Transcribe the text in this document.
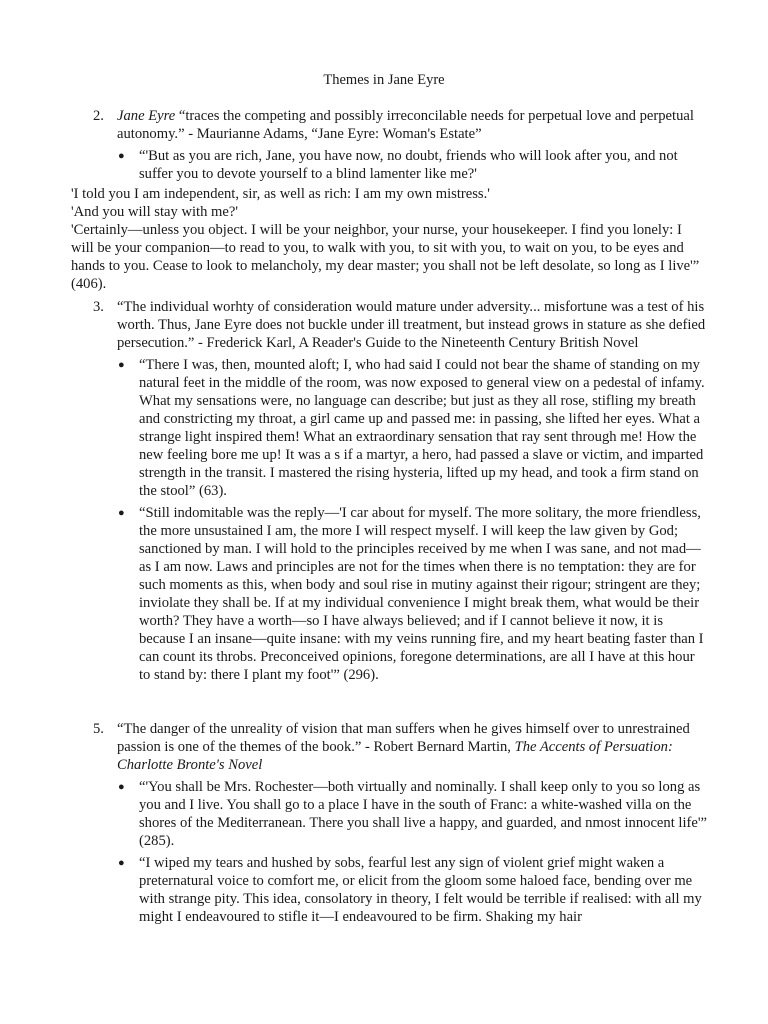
Themes in Jane Eyre
2. Jane Eyre “traces the competing and possibly irreconcilable needs for perpetual love and perpetual autonomy.” - Maurianne Adams, “Jane Eyre: Woman's Estate”
● “'But as you are rich, Jane, you have now, no doubt, friends who will look after you, and not suffer you to devote yourself to a blind lamenter like me?'
'I told you I am independent, sir, as well as rich: I am my own mistress.'
'And you will stay with me?'
'Certainly—unless you object. I will be your neighbor, your nurse, your housekeeper. I find you lonely: I will be your companion—to read to you, to walk with you, to sit with you, to wait on you, to be eyes and hands to you. Cease to look to melancholy, my dear master; you shall not be left desolate, so long as I live'” (406).
3. “The individual worhty of consideration would mature under adversity... misfortune was a test of his worth. Thus, Jane Eyre does not buckle under ill treatment, but instead grows in stature as she defied persecution.” - Frederick Karl, A Reader's Guide to the Nineteenth Century British Novel
● “There I was, then, mounted aloft; I, who had said I could not bear the shame of standing on my natural feet in the middle of the room, was now exposed to general view on a pedestal of infamy. What my sensations were, no language can describe; but just as they all rose, stifling my breath and constricting my throat, a girl came up and passed me: in passing, she lifted her eyes. What a strange light inspired them! What an extraordinary sensation that ray sent through me! How the new feeling bore me up! It was a s if a martyr, a hero, had passed a slave or victim, and imparted strength in the transit. I mastered the rising hysteria, lifted up my head, and took a firm stand on the stool” (63).
● “Still indomitable was the reply—'I car about for myself. The more solitary, the more friendless, the more unsustained I am, the more I will respect myself. I will keep the law given by God; sanctioned by man. I will hold to the principles received by me when I was sane, and not mad—as I am now. Laws and principles are not for the times when there is no temptation: they are for such moments as this, when body and soul rise in mutiny against their rigour; stringent are they; inviolate they shall be. If at my individual convenience I might break them, what would be their worth? They have a worth—so I have always believed; and if I cannot believe it now, it is because I an insane—quite insane: with my veins running fire, and my heart beating faster than I can count its throbs. Preconceived opinions, foregone determinations, are all I have at this hour to stand by: there I plant my foot'” (296).
5. “The danger of the unreality of vision that man suffers when he gives himself over to unrestrained passion is one of the themes of the book.” - Robert Bernard Martin, The Accents of Persuation: Charlotte Bronte's Novel
● “'You shall be Mrs. Rochester—both virtually and nominally. I shall keep only to you so long as you and I live. You shall go to a place I have in the south of Franc: a white-washed villa on the shores of the Mediterranean. There you shall live a happy, and guarded, and nmost innocent life'” (285).
● “I wiped my tears and hushed by sobs, fearful lest any sign of violent grief might waken a preternatural voice to comfort me, or elicit from the gloom some haloed face, bending over me with strange pity. This idea, consolatory in theory, I felt would be terrible if realised: with all my might I endeavoured to stifle it—I endeavoured to be firm. Shaking my hair
